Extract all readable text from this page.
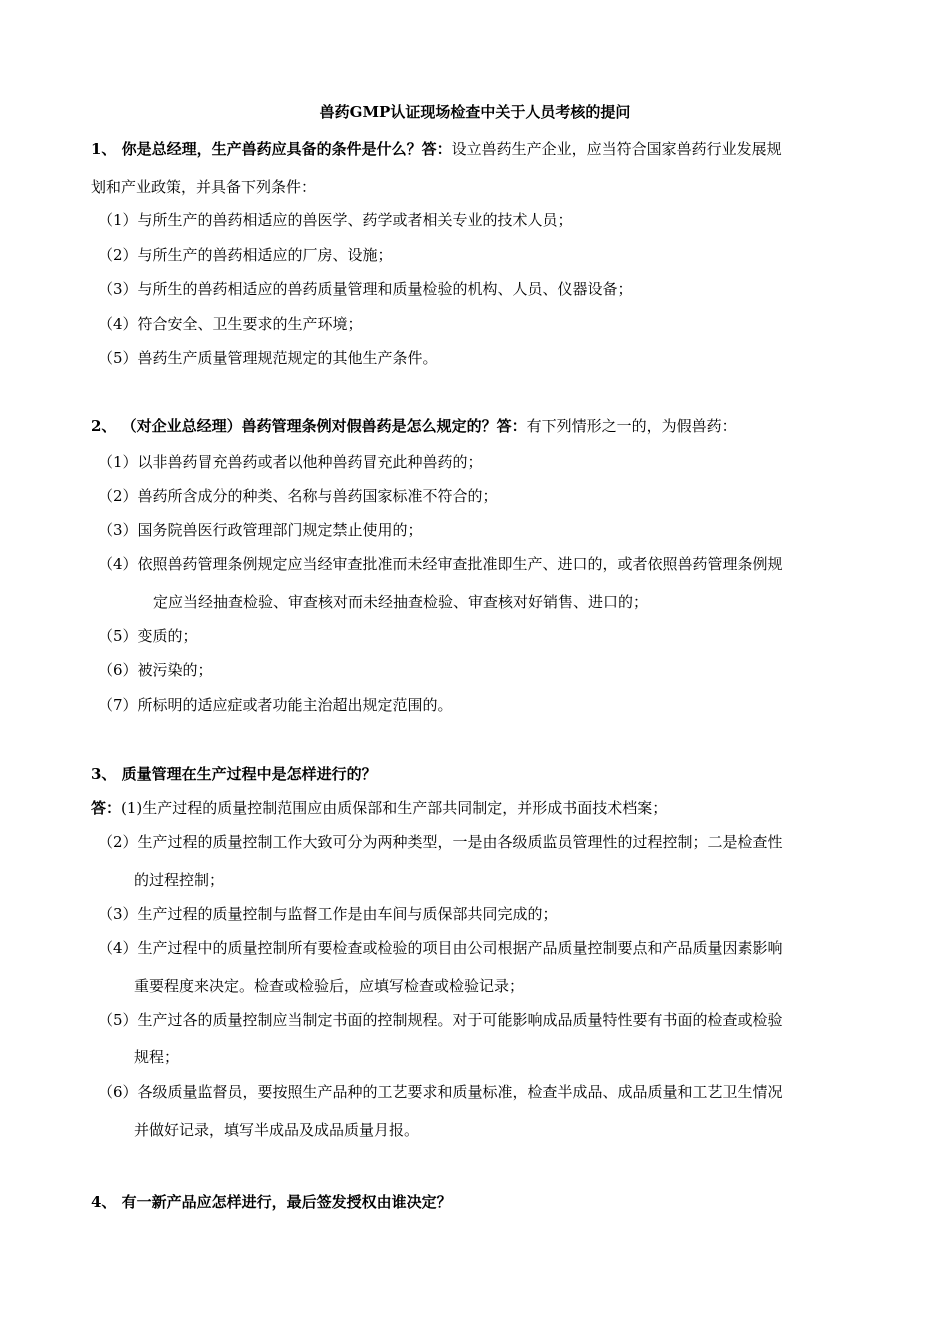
兽药GMP认证现场检查中关于人员考核的提问
1、 你是总经理，生产兽药应具备的条件是什么？答：设立兽药生产企业，应当符合国家兽药行业发展规
划和产业政策，并具备下列条件：
（1）与所生产的兽药相适应的兽医学、药学或者相关专业的技术人员；
（2）与所生产的兽药相适应的厂房、设施；
（3）与所生的兽药相适应的兽药质量管理和质量检验的机构、人员、仪器设备；
（4）符合安全、卫生要求的生产环境；
（5）兽药生产质量管理规范规定的其他生产条件。
2、 （对企业总经理）兽药管理条例对假兽药是怎么规定的？答：有下列情形之一的，为假兽药：
（1）以非兽药冒充兽药或者以他种兽药冒充此种兽药的；
（2）兽药所含成分的种类、名称与兽药国家标准不符合的；
（3）国务院兽医行政管理部门规定禁止使用的；
（4）依照兽药管理条例规定应当经审查批准而未经审查批准即生产、进口的，或者依照兽药管理条例规
定应当经抽查检验、审查核对而未经抽查检验、审查核对好销售、进口的；
（5）变质的；
（6）被污染的；
（7）所标明的适应症或者功能主治超出规定范围的。
3、 质量管理在生产过程中是怎样进行的？
答：(1)生产过程的质量控制范围应由质保部和生产部共同制定，并形成书面技术档案；
（2）生产过程的质量控制工作大致可分为两种类型，一是由各级质监员管理性的过程控制；二是检查性
的过程控制；
（3）生产过程的质量控制与监督工作是由车间与质保部共同完成的；
（4）生产过程中的质量控制所有要检查或检验的项目由公司根据产品质量控制要点和产品质量因素影响
重要程度来决定。检查或检验后，应填写检查或检验记录；
（5）生产过各的质量控制应当制定书面的控制规程。对于可能影响成品质量特性要有书面的检查或检验
规程；
（6）各级质量监督员，要按照生产品种的工艺要求和质量标准，检查半成品、成品质量和工艺卫生情况
并做好记录，填写半成品及成品质量月报。
4、 有一新产品应怎样进行，最后签发授权由谁决定？
